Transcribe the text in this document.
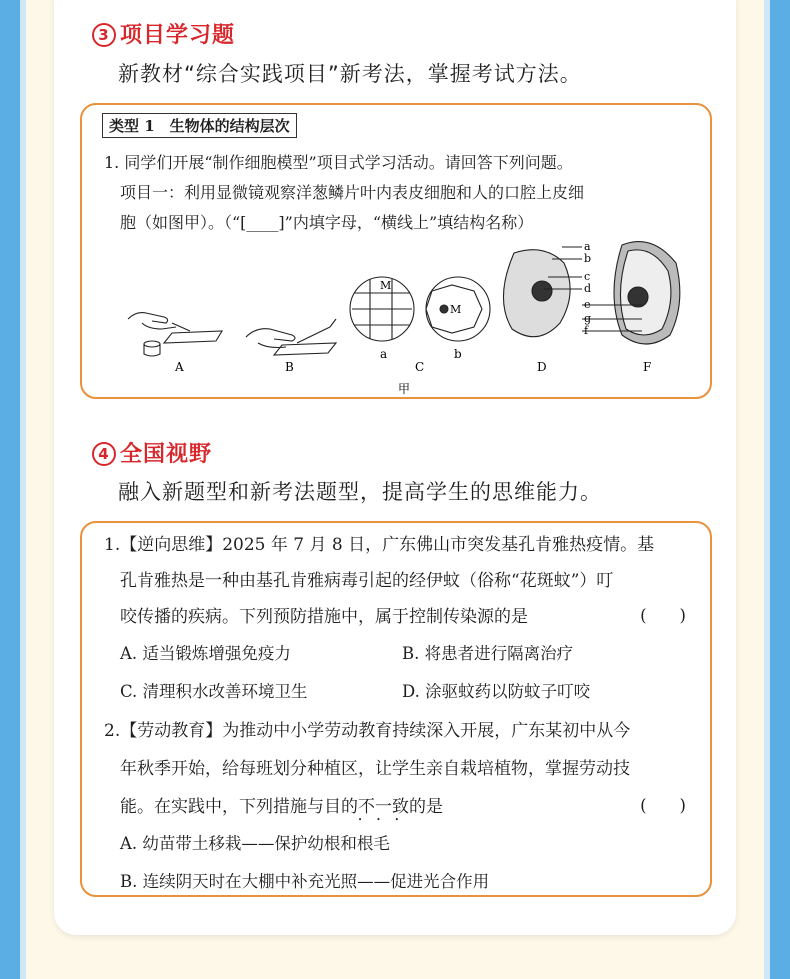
3 项目学习题
新教材“综合实践项目”新考法，掌握考试方法。
类型 1　生物体的结构层次
1. 同学们开展“制作细胞模型”项目式学习活动。请回答下列问题。
项目一：利用显微镜观察洋葱鳞片叶内表皮细胞和人的口腔上皮细
胞（如图甲）。（“[____]”内填字母，“横线上”填结构名称）
M
M
a
b
c
d
e
g
f
A	B
a	b
C	D	F
甲
4 全国视野
融入新题型和新考法题型，提高学生的思维能力。
1.【逆向思维】2025 年 7 月 8 日，广东佛山市突发基孔肯雅热疫情。基
孔肯雅热是一种由基孔肯雅病毒引起的经伊蚊（俗称“花斑蚊”）叮
咬传播的疾病。下列预防措施中，属于控制传染源的是	(　　)
A. 适当锻炼增强免疫力	B. 将患者进行隔离治疗
C. 清理积水改善环境卫生	D. 涂驱蚊药以防蚊子叮咬
2.【劳动教育】为推动中小学劳动教育持续深入开展，广东某初中从今
年秋季开始，给每班划分种植区，让学生亲自栽培植物，掌握劳动技
能。在实践中，下列措施与目的不一致 • • •的是	(　　)
A. 幼苗带土移栽——保护幼根和根毛
B. 连续阴天时在大棚中补充光照——促进光合作用
